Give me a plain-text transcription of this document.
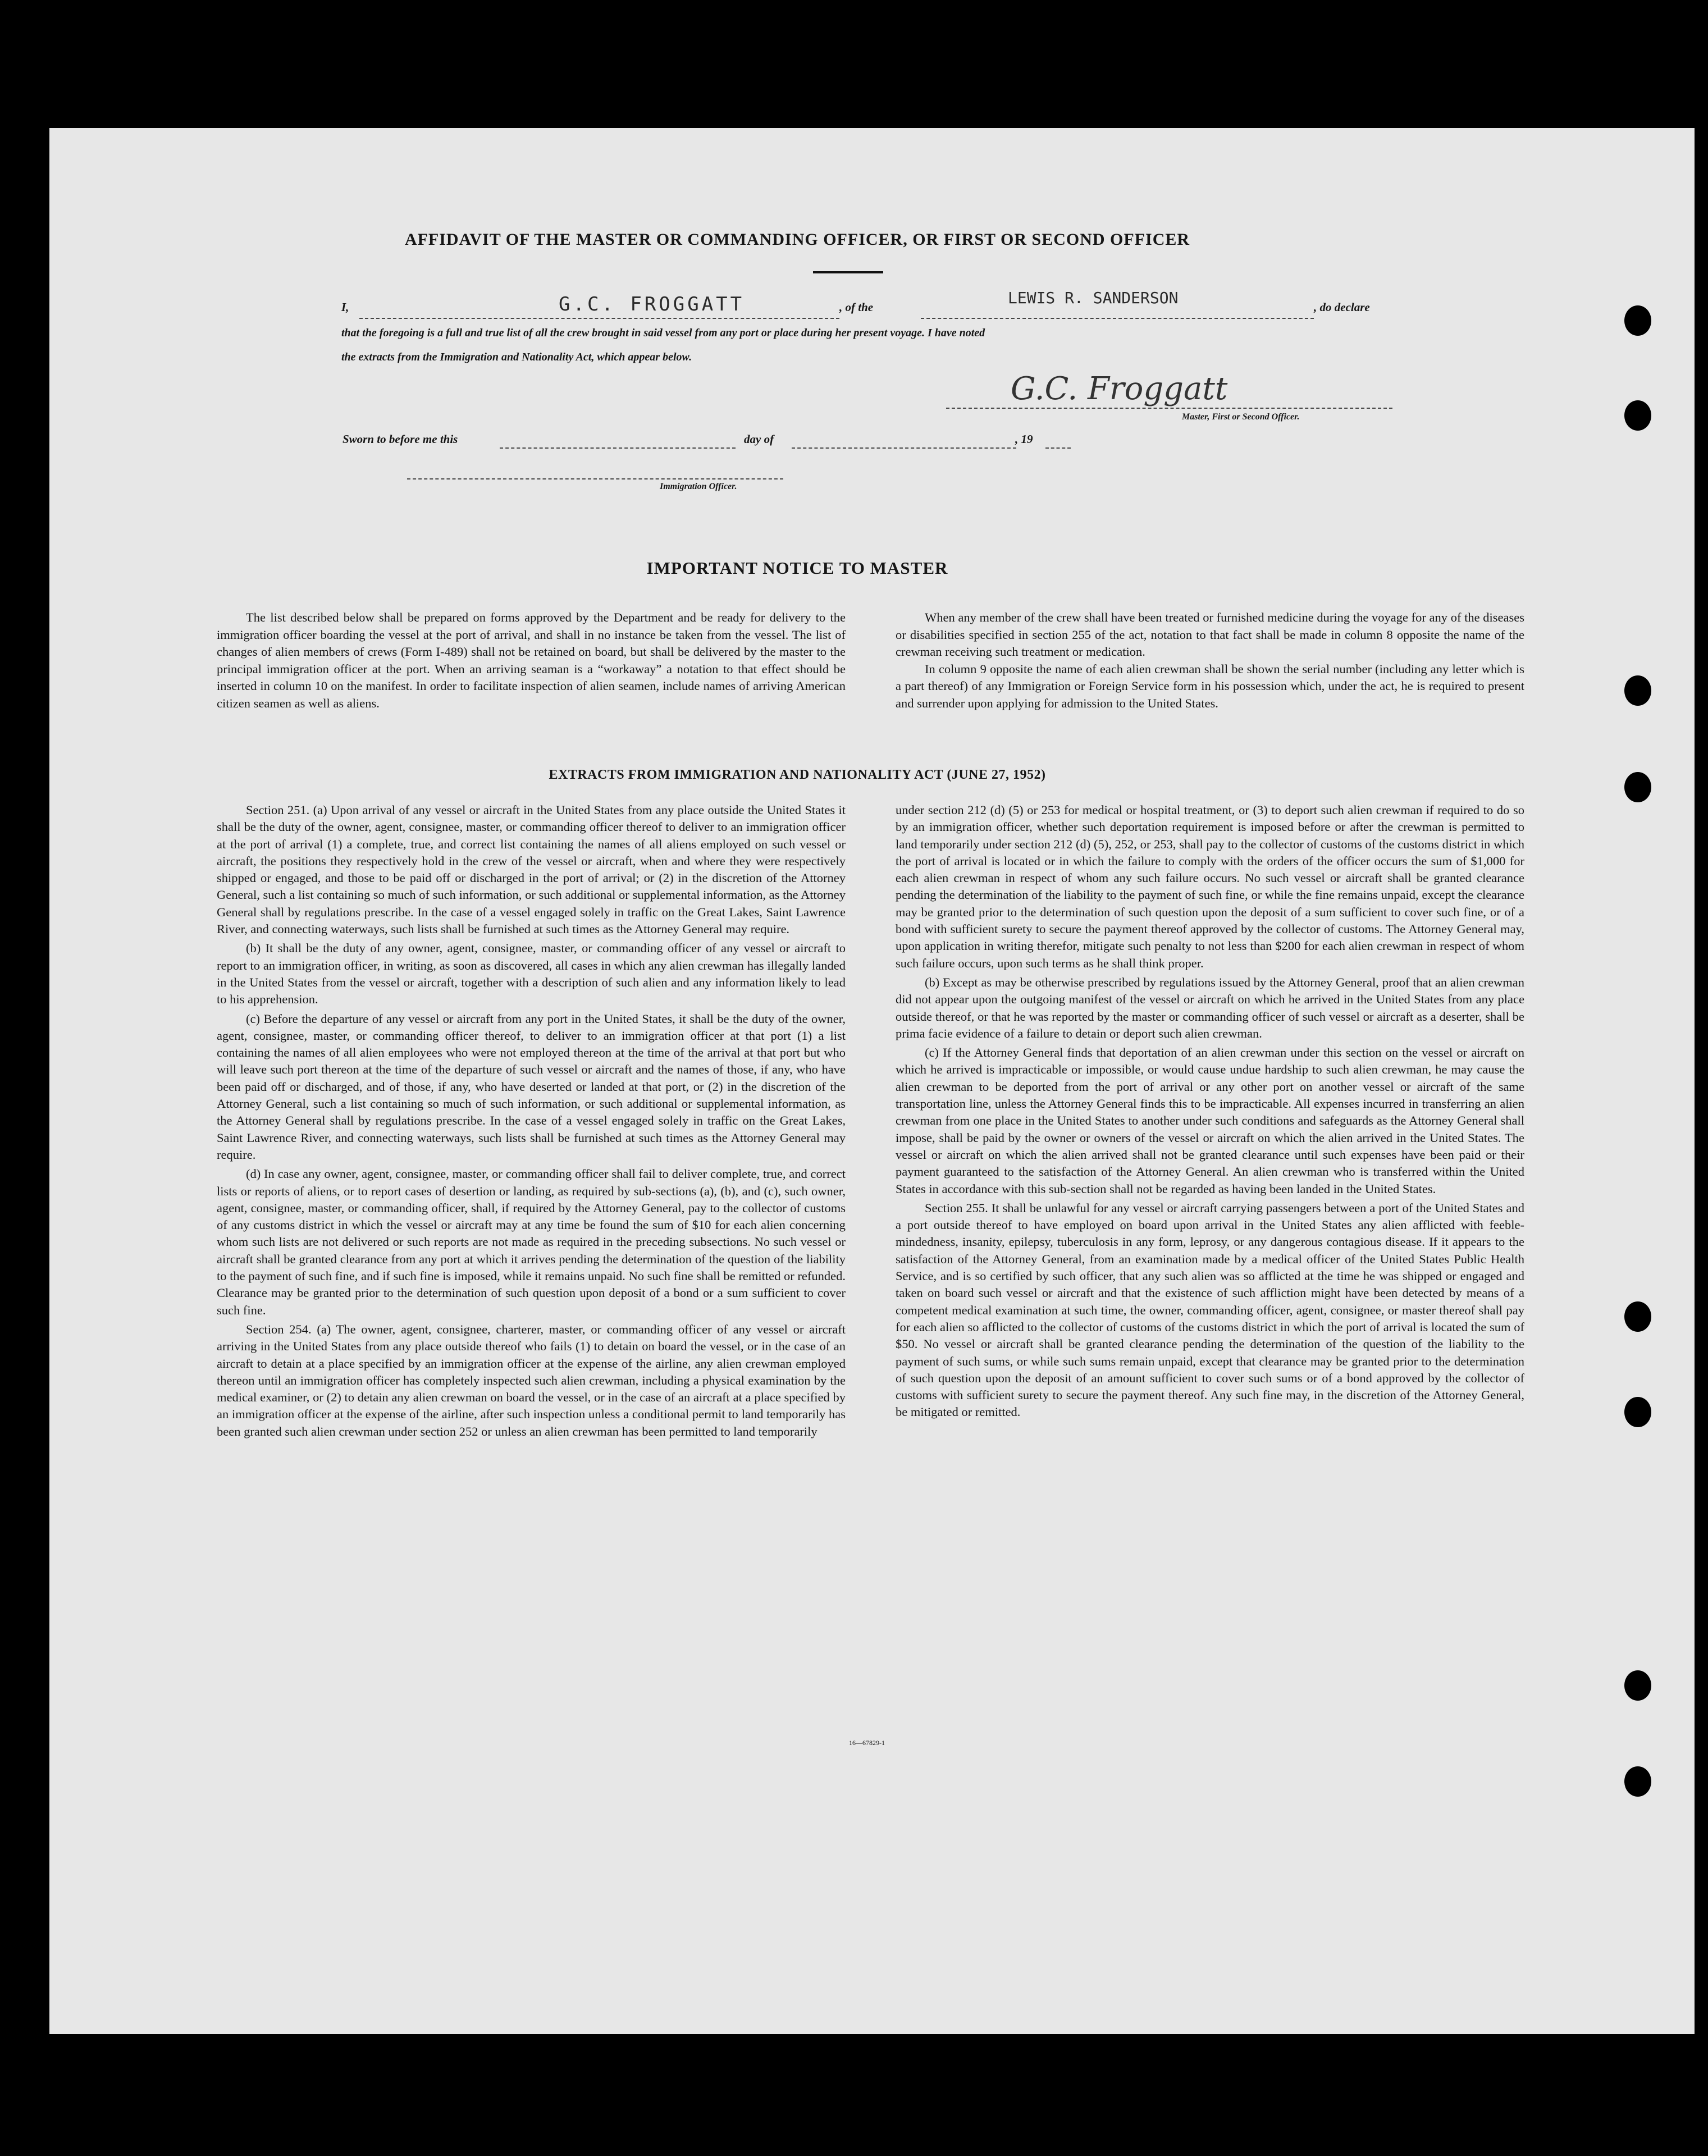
AFFIDAVIT OF THE MASTER OR COMMANDING OFFICER, OR FIRST OR SECOND OFFICER
I,	G.C. FROGGATT	, of the	LEWIS R. SANDERSON	, do declare
that the foregoing is a full and true list of all the crew brought in said vessel from any port or place during her present voyage. I have noted
the extracts from the Immigration and Nationality Act, which appear below.
G.C. Froggatt
Master, First or Second Officer.
Sworn to before me this	day of	, 19
Immigration Officer.
IMPORTANT NOTICE TO MASTER

The list described below shall be prepared on forms approved by the Department and be ready for delivery to the immigration officer boarding the vessel at the port of arrival, and shall in no instance be taken from the vessel. The list of changes of alien members of crews (Form I-489) shall not be retained on board, but shall be delivered by the master to the principal immigration officer at the port. When an arriving seaman is a “workaway” a notation to that effect should be inserted in column 10 on the manifest. In order to facilitate inspection of alien seamen, include names of arriving American citizen seamen as well as aliens.

When any member of the crew shall have been treated or furnished medicine during the voyage for any of the diseases or disabilities specified in section 255 of the act, notation to that fact shall be made in column 8 opposite the name of the crewman receiving such treatment or medication.

In column 9 opposite the name of each alien crewman shall be shown the serial number (including any letter which is a part thereof) of any Immigration or Foreign Service form in his possession which, under the act, he is required to present and surrender upon applying for admission to the United States.

EXTRACTS FROM IMMIGRATION AND NATIONALITY ACT (JUNE 27, 1952)

Section 251. (a) Upon arrival of any vessel or aircraft in the United States from any place outside the United States it shall be the duty of the owner, agent, consignee, master, or commanding officer thereof to deliver to an immigration officer at the port of arrival (1) a complete, true, and correct list containing the names of all aliens employed on such vessel or aircraft, the positions they respectively hold in the crew of the vessel or aircraft, when and where they were respectively shipped or engaged, and those to be paid off or discharged in the port of arrival; or (2) in the discretion of the Attorney General, such a list containing so much of such information, or such additional or supplemental information, as the Attorney General shall by regulations prescribe. In the case of a vessel engaged solely in traffic on the Great Lakes, Saint Lawrence River, and connecting waterways, such lists shall be furnished at such times as the Attorney General may require.

(b) It shall be the duty of any owner, agent, consignee, master, or commanding officer of any vessel or aircraft to report to an immigration officer, in writing, as soon as discovered, all cases in which any alien crewman has illegally landed in the United States from the vessel or aircraft, together with a description of such alien and any information likely to lead to his apprehension.

(c) Before the departure of any vessel or aircraft from any port in the United States, it shall be the duty of the owner, agent, consignee, master, or commanding officer thereof, to deliver to an immigration officer at that port (1) a list containing the names of all alien employees who were not employed thereon at the time of the arrival at that port but who will leave such port thereon at the time of the departure of such vessel or aircraft and the names of those, if any, who have been paid off or discharged, and of those, if any, who have deserted or landed at that port, or (2) in the discretion of the Attorney General, such a list containing so much of such information, or such additional or supplemental information, as the Attorney General shall by regulations prescribe. In the case of a vessel engaged solely in traffic on the Great Lakes, Saint Lawrence River, and connecting waterways, such lists shall be furnished at such times as the Attorney General may require.

(d) In case any owner, agent, consignee, master, or commanding officer shall fail to deliver complete, true, and correct lists or reports of aliens, or to report cases of desertion or landing, as required by sub-sections (a), (b), and (c), such owner, agent, consignee, master, or commanding officer, shall, if required by the Attorney General, pay to the collector of customs of any customs district in which the vessel or aircraft may at any time be found the sum of $10 for each alien concerning whom such lists are not delivered or such reports are not made as required in the preceding subsections. No such vessel or aircraft shall be granted clearance from any port at which it arrives pending the determination of the question of the liability to the payment of such fine, and if such fine is imposed, while it remains unpaid. No such fine shall be remitted or refunded. Clearance may be granted prior to the determination of such question upon deposit of a bond or a sum sufficient to cover such fine.

Section 254. (a) The owner, agent, consignee, charterer, master, or commanding officer of any vessel or aircraft arriving in the United States from any place outside thereof who fails (1) to detain on board the vessel, or in the case of an aircraft to detain at a place specified by an immigration officer at the expense of the airline, any alien crewman employed thereon until an immigration officer has completely inspected such alien crewman, including a physical examination by the medical examiner, or (2) to detain any alien crewman on board the vessel, or in the case of an aircraft at a place specified by an immigration officer at the expense of the airline, after such inspection unless a conditional permit to land temporarily has been granted such alien crewman under section 252 or unless an alien crewman has been permitted to land temporarily

under section 212 (d) (5) or 253 for medical or hospital treatment, or (3) to deport such alien crewman if required to do so by an immigration officer, whether such deportation requirement is imposed before or after the crewman is permitted to land temporarily under section 212 (d) (5), 252, or 253, shall pay to the collector of customs of the customs district in which the port of arrival is located or in which the failure to comply with the orders of the officer occurs the sum of $1,000 for each alien crewman in respect of whom any such failure occurs. No such vessel or aircraft shall be granted clearance pending the determination of the liability to the payment of such fine, or while the fine remains unpaid, except the clearance may be granted prior to the determination of such question upon the deposit of a sum sufficient to cover such fine, or of a bond with sufficient surety to secure the payment thereof approved by the collector of customs. The Attorney General may, upon application in writing therefor, mitigate such penalty to not less than $200 for each alien crewman in respect of whom such failure occurs, upon such terms as he shall think proper.

(b) Except as may be otherwise prescribed by regulations issued by the Attorney General, proof that an alien crewman did not appear upon the outgoing manifest of the vessel or aircraft on which he arrived in the United States from any place outside thereof, or that he was reported by the master or commanding officer of such vessel or aircraft as a deserter, shall be prima facie evidence of a failure to detain or deport such alien crewman.

(c) If the Attorney General finds that deportation of an alien crewman under this section on the vessel or aircraft on which he arrived is impracticable or impossible, or would cause undue hardship to such alien crewman, he may cause the alien crewman to be deported from the port of arrival or any other port on another vessel or aircraft of the same transportation line, unless the Attorney General finds this to be impracticable. All expenses incurred in transferring an alien crewman from one place in the United States to another under such conditions and safeguards as the Attorney General shall impose, shall be paid by the owner or owners of the vessel or aircraft on which the alien arrived in the United States. The vessel or aircraft on which the alien arrived shall not be granted clearance until such expenses have been paid or their payment guaranteed to the satisfaction of the Attorney General. An alien crewman who is transferred within the United States in accordance with this sub-section shall not be regarded as having been landed in the United States.

Section 255. It shall be unlawful for any vessel or aircraft carrying passengers between a port of the United States and a port outside thereof to have employed on board upon arrival in the United States any alien afflicted with feeble-mindedness, insanity, epilepsy, tuberculosis in any form, leprosy, or any dangerous contagious disease. If it appears to the satisfaction of the Attorney General, from an examination made by a medical officer of the United States Public Health Service, and is so certified by such officer, that any such alien was so afflicted at the time he was shipped or engaged and taken on board such vessel or aircraft and that the existence of such affliction might have been detected by means of a competent medical examination at such time, the owner, commanding officer, agent, consignee, or master thereof shall pay for each alien so afflicted to the collector of customs of the customs district in which the port of arrival is located the sum of $50. No vessel or aircraft shall be granted clearance pending the determination of the question of the liability to the payment of such sums, or while such sums remain unpaid, except that clearance may be granted prior to the determination of such question upon the deposit of an amount sufficient to cover such sums or of a bond approved by the collector of customs with sufficient surety to secure the payment thereof. Any such fine may, in the discretion of the Attorney General, be mitigated or remitted.

16—67829-1
